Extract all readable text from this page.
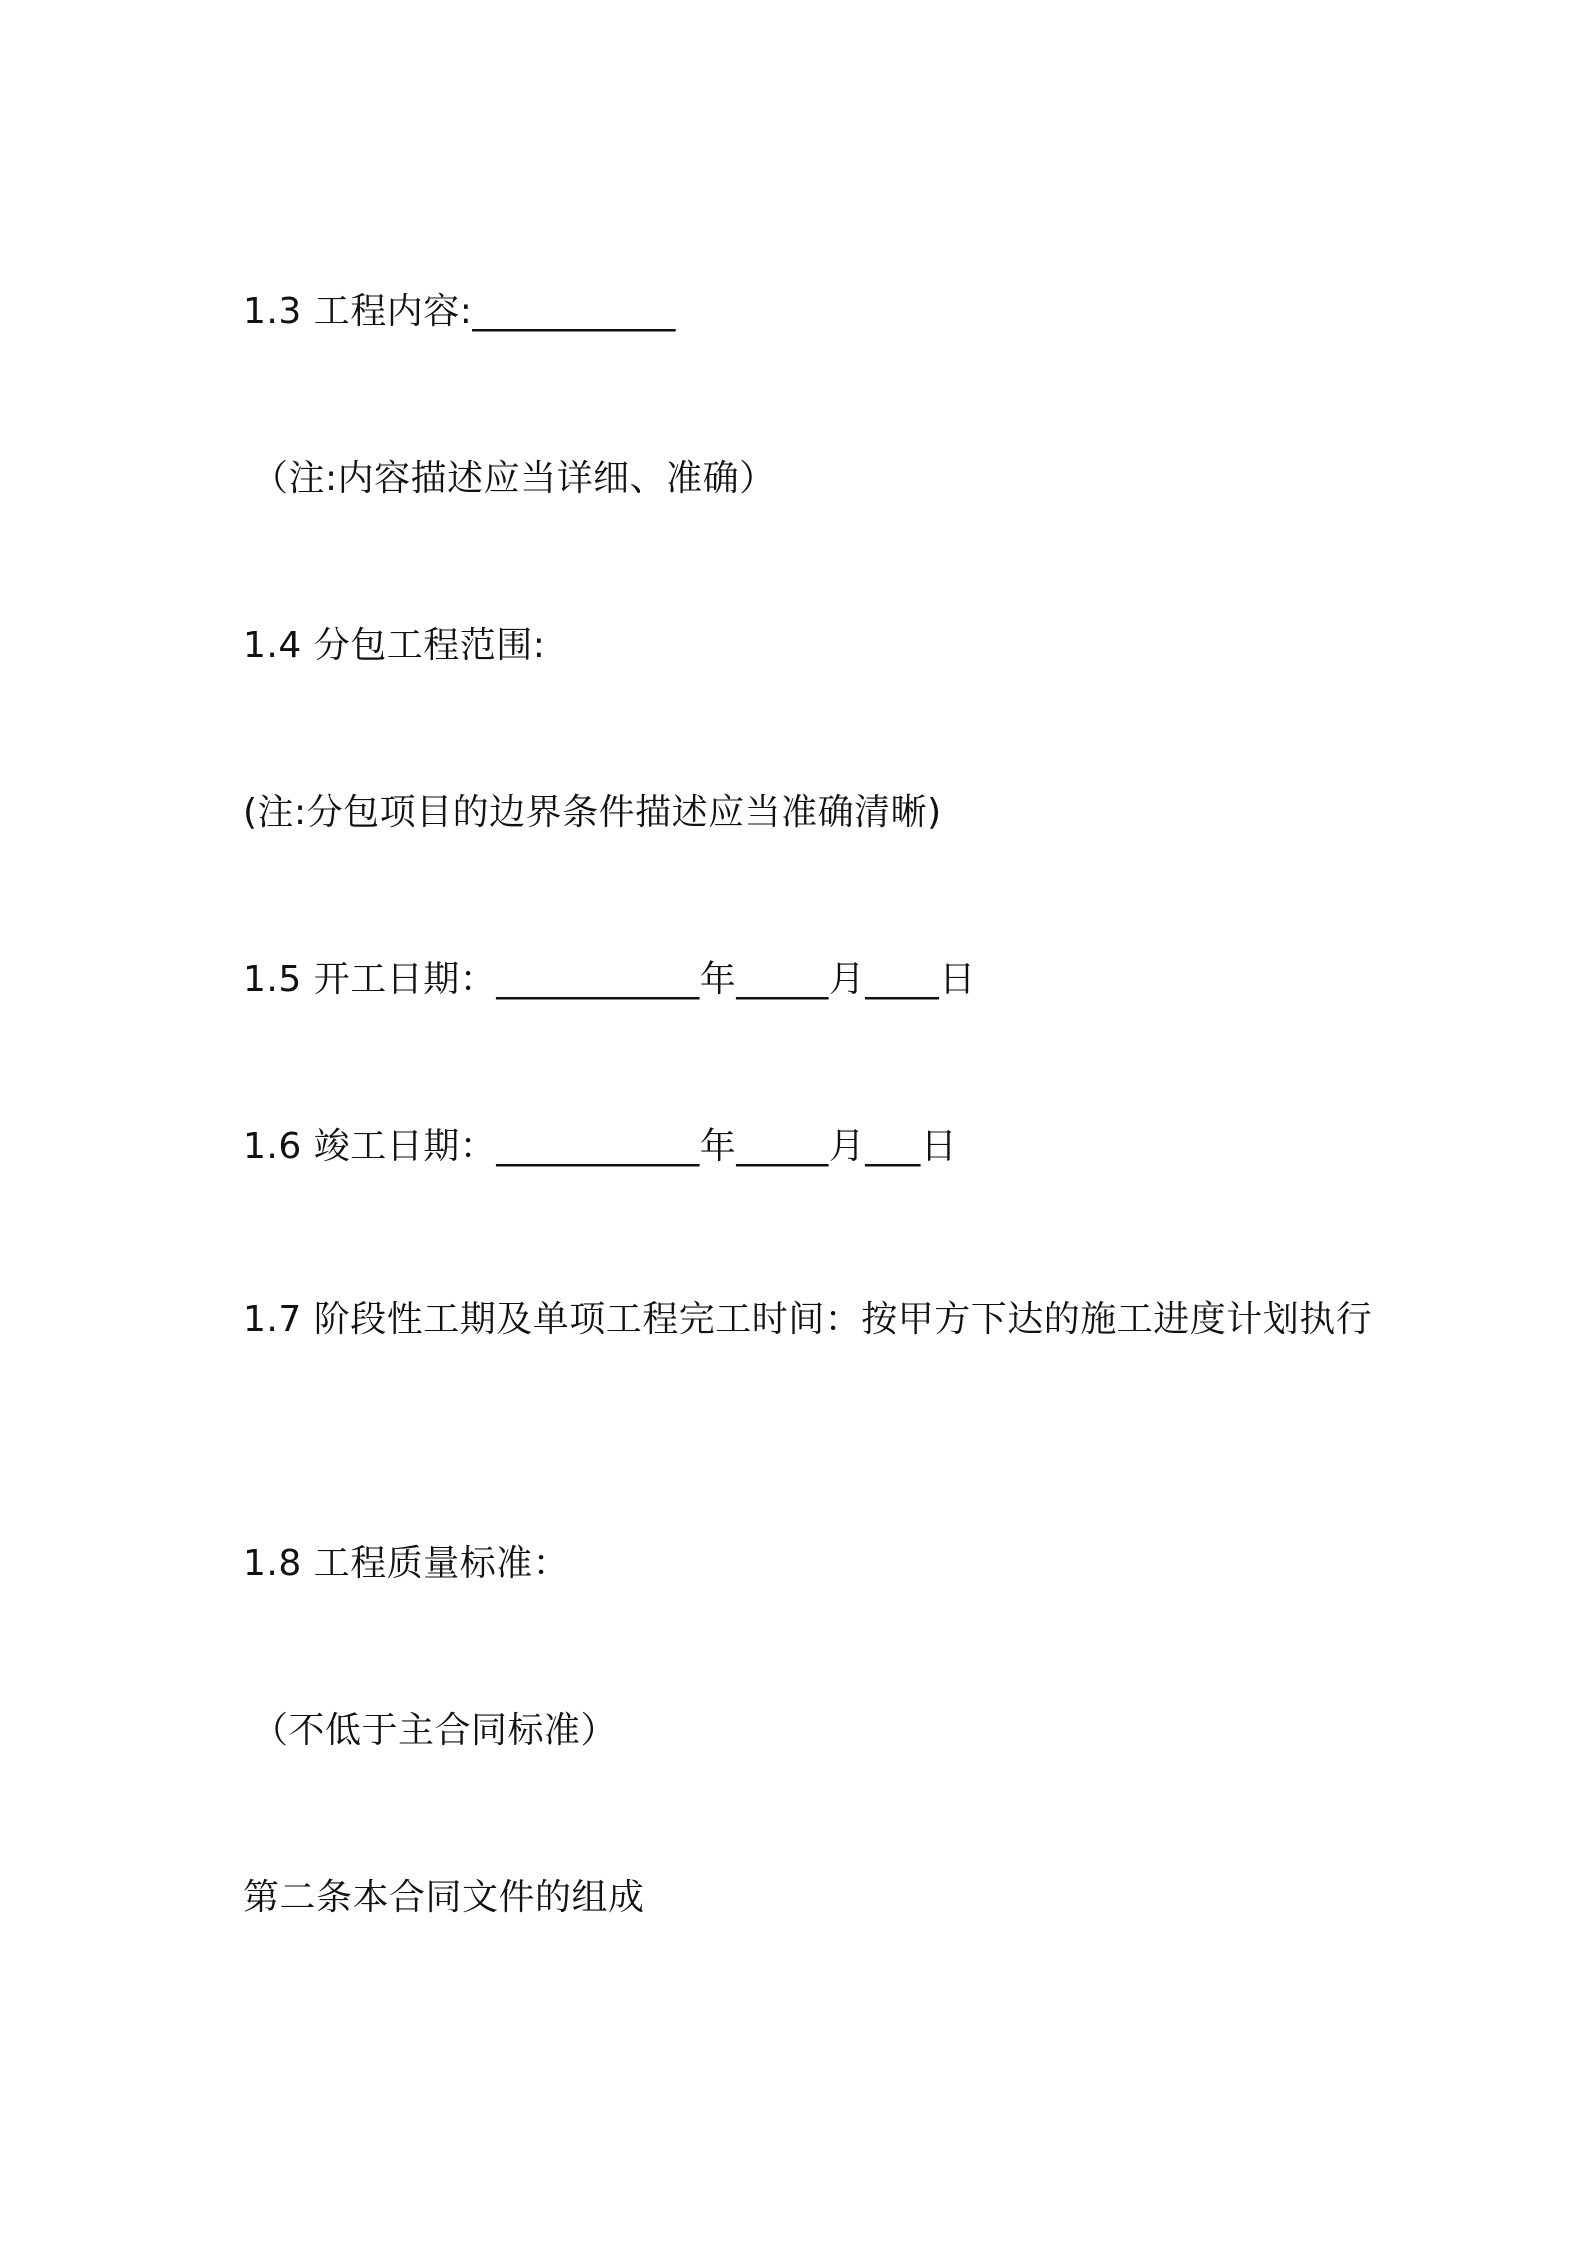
1.3 工程内容:___________
（注:内容描述应当详细、准确）
1.4 分包工程范围:
(注:分包项目的边界条件描述应当准确清晰)
1.5 开工日期：___________年_____月____日
1.6 竣工日期：___________年_____月___日
1.7 阶段性工期及单项工程完工时间：按甲方下达的施工进度计划执行
1.8 工程质量标准：
（不低于主合同标准）
第二条本合同文件的组成
